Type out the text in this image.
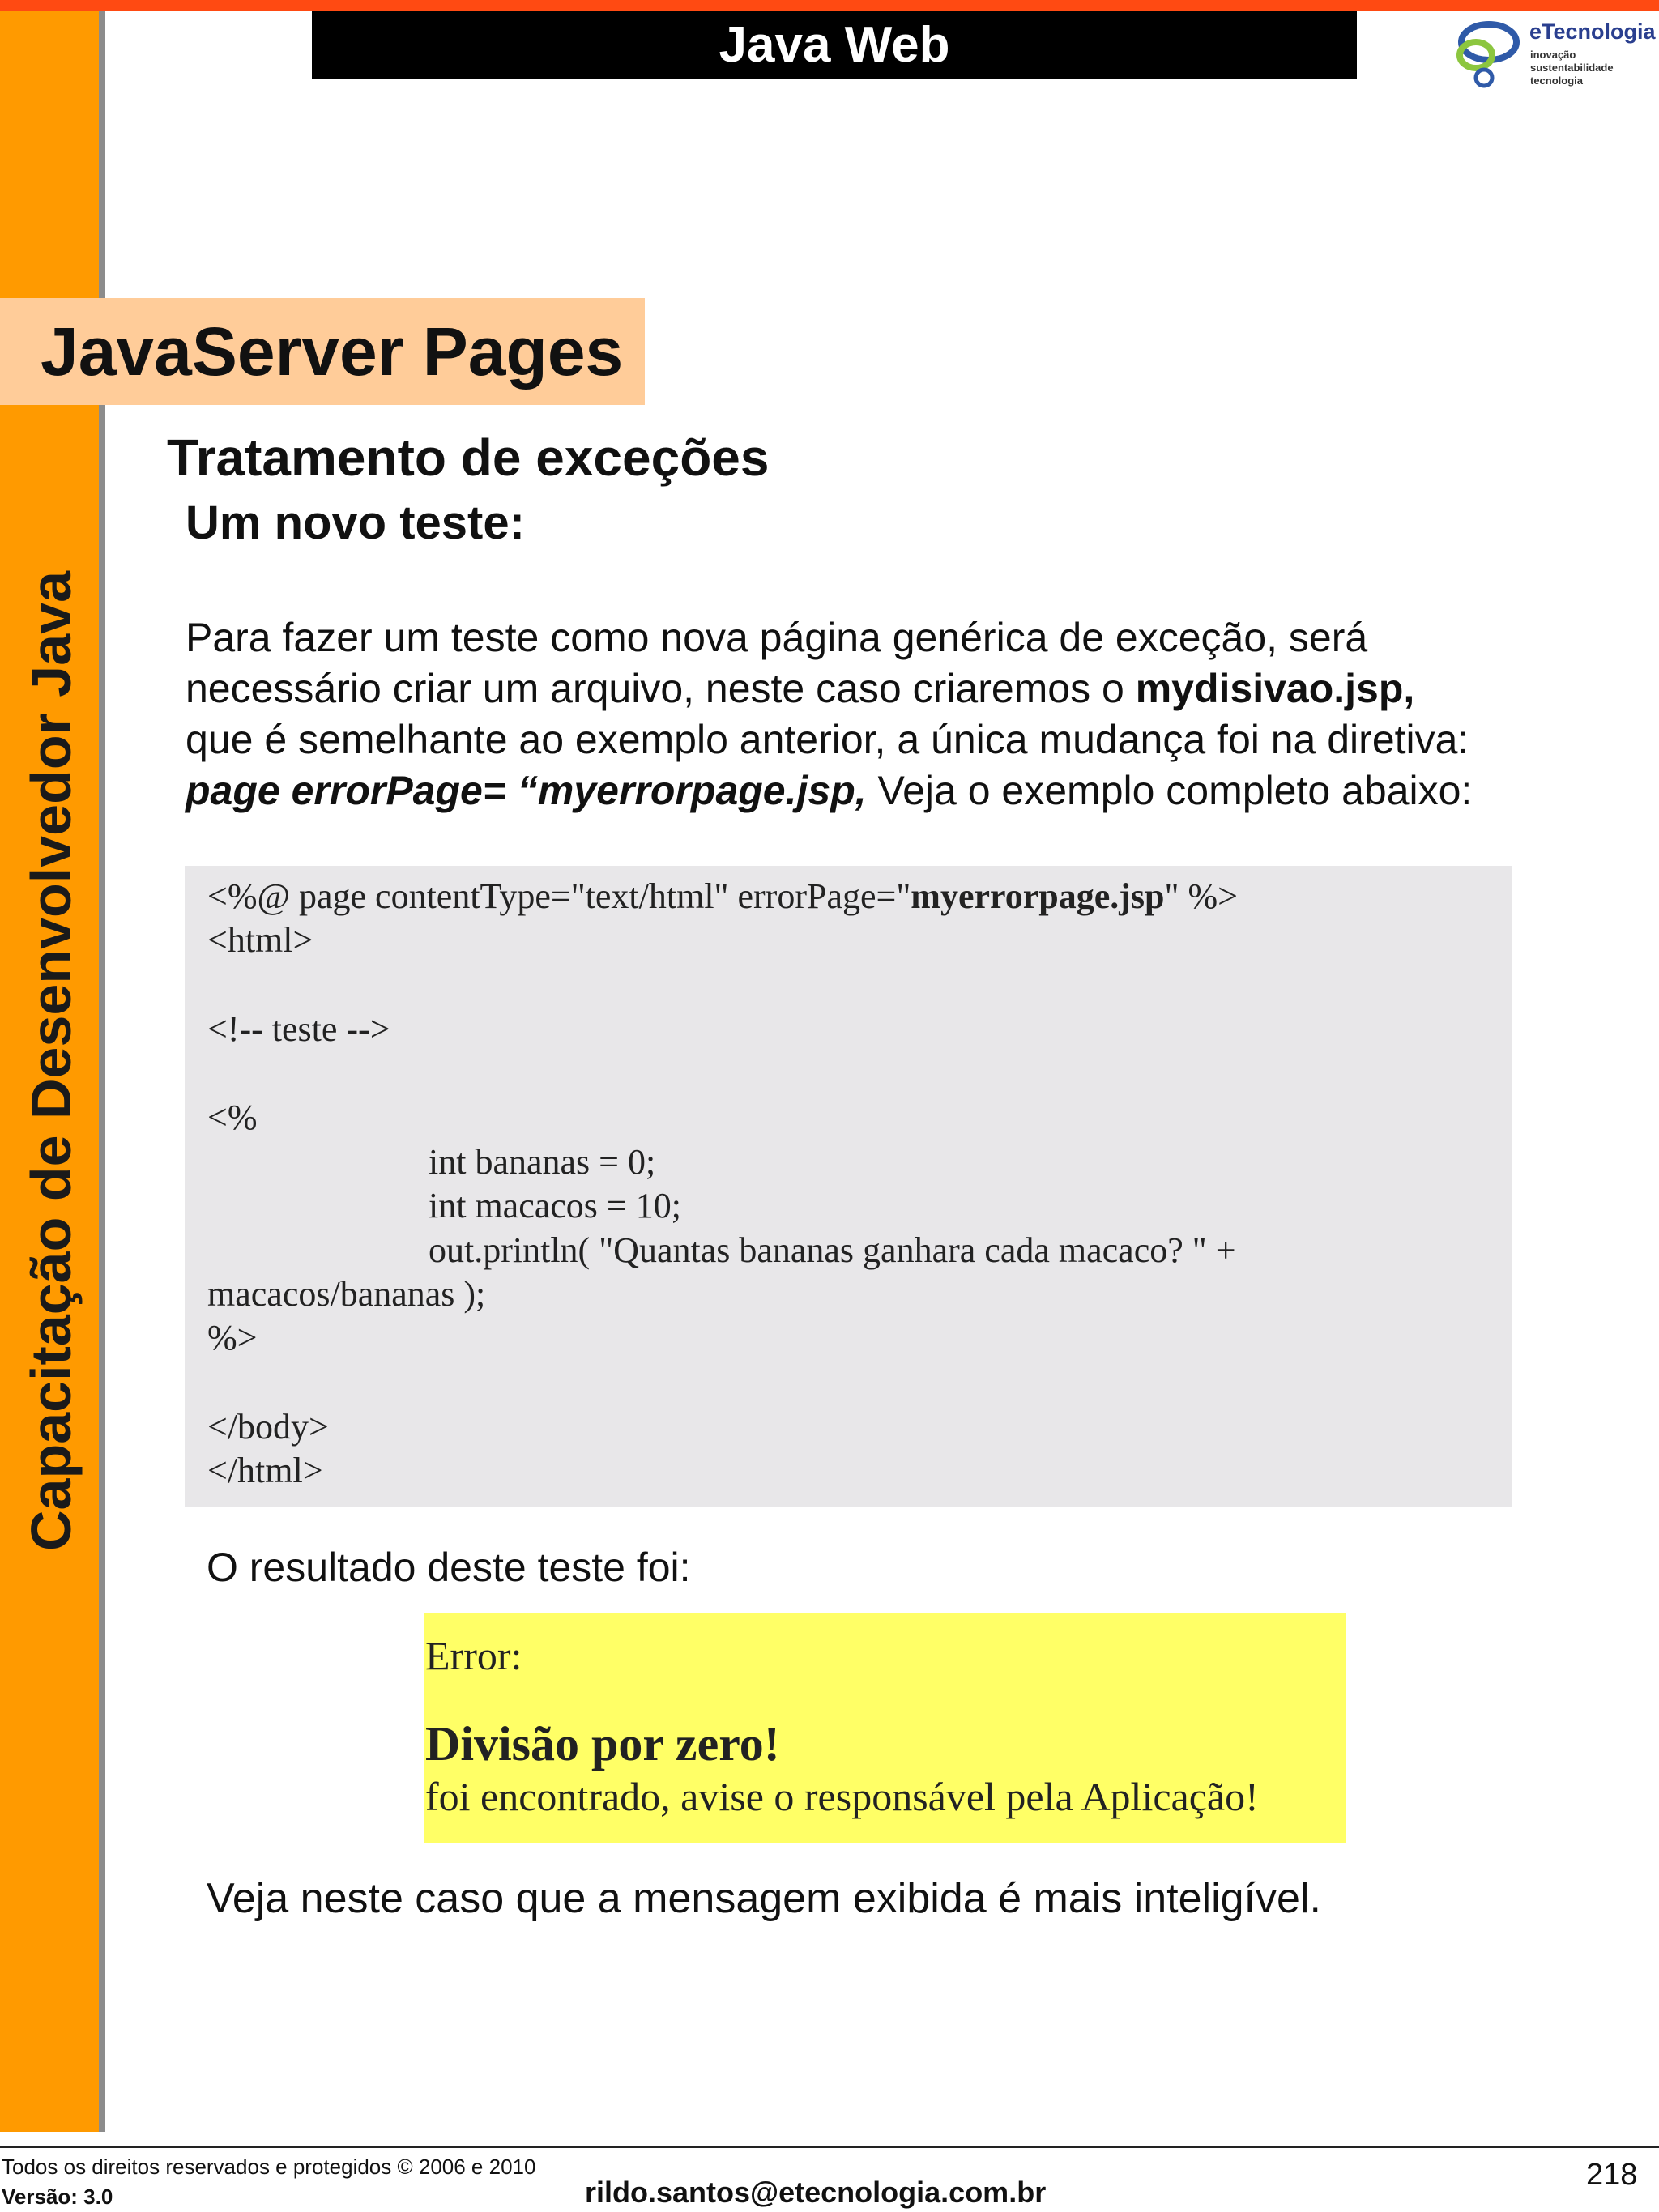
Capacitação de Desenvolvedor Java
Java Web	eTecnologia
inovação
sustentabilidade
tecnologia
JavaServer Pages
Tratamento de exceções
Um novo teste:
Para fazer um teste como nova página genérica de exceção, será
necessário criar um arquivo, neste caso criaremos o mydisivao.jsp,
que é semelhante ao exemplo anterior, a única mudança foi na diretiva:
page errorPage= “myerrorpage.jsp, Veja o exemplo completo abaixo:
<%@ page contentType="text/html" errorPage="myerrorpage.jsp" %>
<html>
<!-- teste -->
<%
int bananas = 0;
int macacos = 10;
out.println( "Quantas bananas ganhara cada macaco? " +
macacos/bananas );
%>
</body>
</html>
O resultado deste teste foi:
Error:
Divisão por zero!
foi encontrado, avise o responsável pela Aplicação!
Veja neste caso que a mensagem exibida é mais inteligível.
Todos os direitos reservados e protegidos © 2006 e 2010
Versão: 3.0	rildo.santos@etecnologia.com.br
218
